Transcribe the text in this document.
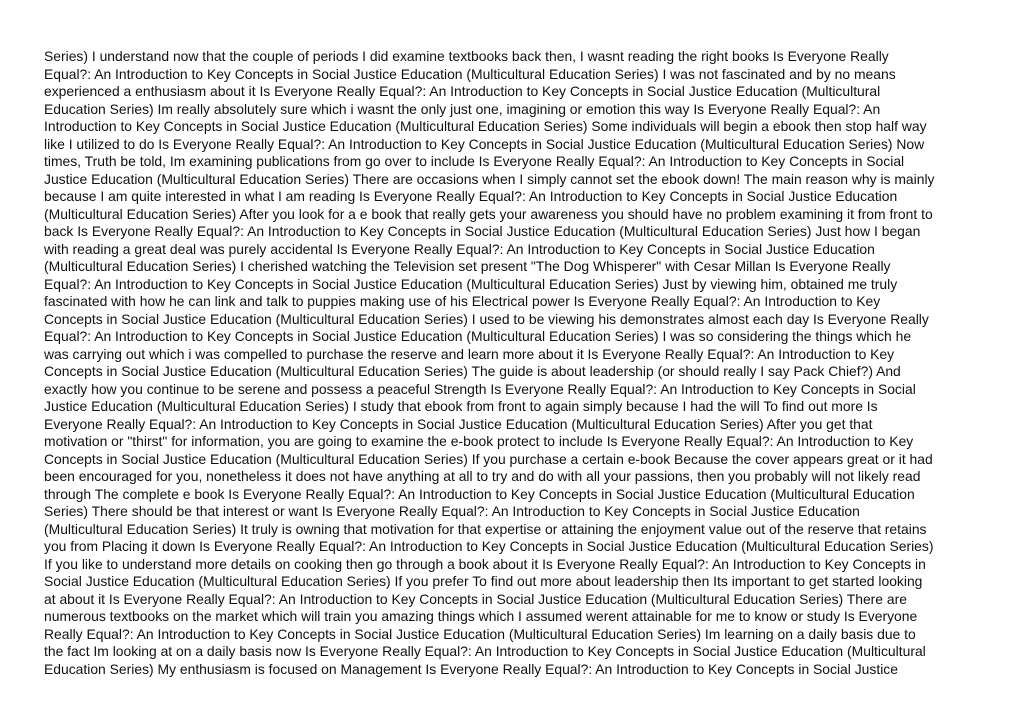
Series) I understand now that the couple of periods I did examine textbooks back then, I wasnt reading the right books Is Everyone Really
Equal?: An Introduction to Key Concepts in Social Justice Education (Multicultural Education Series) I was not fascinated and by no means
experienced a enthusiasm about it Is Everyone Really Equal?: An Introduction to Key Concepts in Social Justice Education (Multicultural
Education Series) Im really absolutely sure which i wasnt the only just one, imagining or emotion this way Is Everyone Really Equal?: An
Introduction to Key Concepts in Social Justice Education (Multicultural Education Series) Some individuals will begin a ebook then stop half way
like I utilized to do Is Everyone Really Equal?: An Introduction to Key Concepts in Social Justice Education (Multicultural Education Series) Now
times, Truth be told, Im examining publications from go over to include Is Everyone Really Equal?: An Introduction to Key Concepts in Social
Justice Education (Multicultural Education Series) There are occasions when I simply cannot set the ebook down! The main reason why is mainly
because I am quite interested in what I am reading Is Everyone Really Equal?: An Introduction to Key Concepts in Social Justice Education
(Multicultural Education Series) After you look for a e book that really gets your awareness you should have no problem examining it from front to
back Is Everyone Really Equal?: An Introduction to Key Concepts in Social Justice Education (Multicultural Education Series) Just how I began
with reading a great deal was purely accidental Is Everyone Really Equal?: An Introduction to Key Concepts in Social Justice Education
(Multicultural Education Series) I cherished watching the Television set present "The Dog Whisperer" with Cesar Millan Is Everyone Really
Equal?: An Introduction to Key Concepts in Social Justice Education (Multicultural Education Series) Just by viewing him, obtained me truly
fascinated with how he can link and talk to puppies making use of his Electrical power Is Everyone Really Equal?: An Introduction to Key
Concepts in Social Justice Education (Multicultural Education Series) I used to be viewing his demonstrates almost each day Is Everyone Really
Equal?: An Introduction to Key Concepts in Social Justice Education (Multicultural Education Series) I was so considering the things which he
was carrying out which i was compelled to purchase the reserve and learn more about it Is Everyone Really Equal?: An Introduction to Key
Concepts in Social Justice Education (Multicultural Education Series) The guide is about leadership (or should really I say Pack Chief?) And
exactly how you continue to be serene and possess a peaceful Strength Is Everyone Really Equal?: An Introduction to Key Concepts in Social
Justice Education (Multicultural Education Series) I study that ebook from front to again simply because I had the will To find out more Is
Everyone Really Equal?: An Introduction to Key Concepts in Social Justice Education (Multicultural Education Series) After you get that
motivation or "thirst" for information, you are going to examine the e-book protect to include Is Everyone Really Equal?: An Introduction to Key
Concepts in Social Justice Education (Multicultural Education Series) If you purchase a certain e-book Because the cover appears great or it had
been encouraged for you, nonetheless it does not have anything at all to try and do with all your passions, then you probably will not likely read
through The complete e book Is Everyone Really Equal?: An Introduction to Key Concepts in Social Justice Education (Multicultural Education
Series) There should be that interest or want Is Everyone Really Equal?: An Introduction to Key Concepts in Social Justice Education
(Multicultural Education Series) It truly is owning that motivation for that expertise or attaining the enjoyment value out of the reserve that retains
you from Placing it down Is Everyone Really Equal?: An Introduction to Key Concepts in Social Justice Education (Multicultural Education Series)
If you like to understand more details on cooking then go through a book about it Is Everyone Really Equal?: An Introduction to Key Concepts in
Social Justice Education (Multicultural Education Series) If you prefer To find out more about leadership then Its important to get started looking
at about it Is Everyone Really Equal?: An Introduction to Key Concepts in Social Justice Education (Multicultural Education Series) There are
numerous textbooks on the market which will train you amazing things which I assumed werent attainable for me to know or study Is Everyone
Really Equal?: An Introduction to Key Concepts in Social Justice Education (Multicultural Education Series) Im learning on a daily basis due to
the fact Im looking at on a daily basis now Is Everyone Really Equal?: An Introduction to Key Concepts in Social Justice Education (Multicultural
Education Series) My enthusiasm is focused on Management Is Everyone Really Equal?: An Introduction to Key Concepts in Social Justice
